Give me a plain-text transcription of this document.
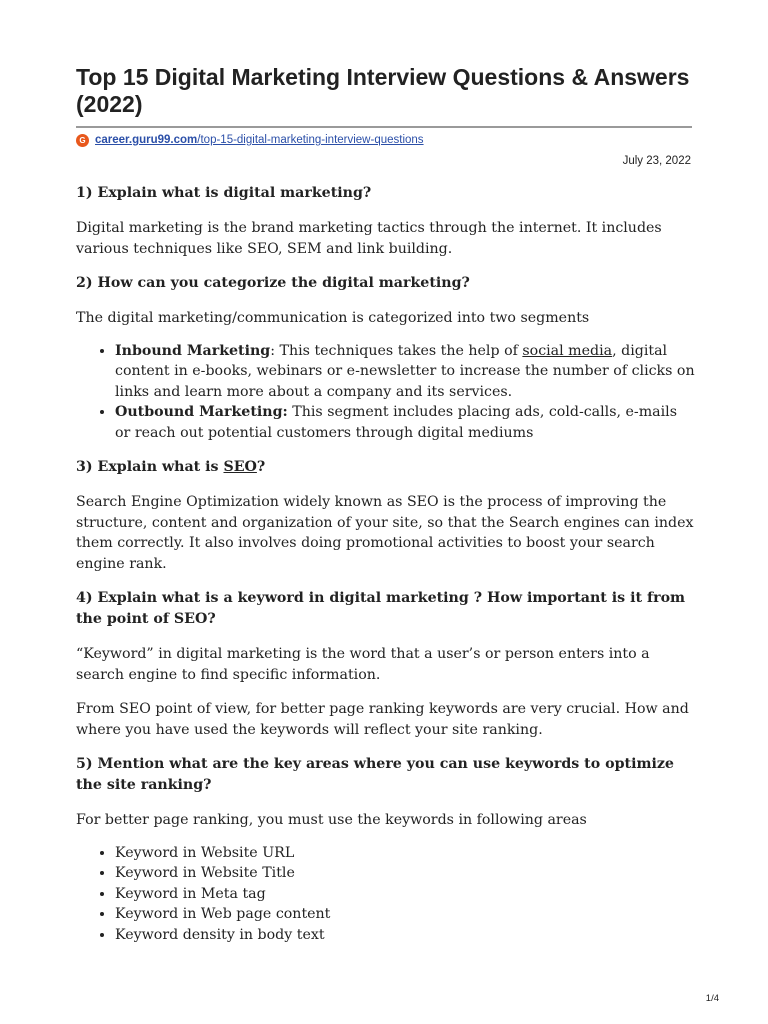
Top 15 Digital Marketing Interview Questions & Answers (2022)
G career.guru99.com /top-15-digital-marketing-interview-questions
July 23, 2022
1) Explain what is digital marketing?

Digital marketing is the brand marketing tactics through the internet. It includes various techniques like SEO, SEM and link building.

2) How can you categorize the digital marketing?

The digital marketing/communication is categorized into two segments

• Inbound Marketing: This techniques takes the help of social media, digital content in e-books, webinars or e-newsletter to increase the number of clicks on links and learn more about a company and its services.
• Outbound Marketing: This segment includes placing ads, cold-calls, e-mails or reach out potential customers through digital mediums
3) Explain what is SEO?

Search Engine Optimization widely known as SEO is the process of improving the structure, content and organization of your site, so that the Search engines can index them correctly. It also involves doing promotional activities to boost your search engine rank.

4) Explain what is a keyword in digital marketing ? How important is it from the point of SEO?

“Keyword” in digital marketing is the word that a user’s or person enters into a search engine to find specific information.

From SEO point of view, for better page ranking keywords are very crucial. How and where you have used the keywords will reflect your site ranking.

5) Mention what are the key areas where you can use keywords to optimize the site ranking?

For better page ranking, you must use the keywords in following areas

• Keyword in Website URL
• Keyword in Website Title
• Keyword in Meta tag
• Keyword in Web page content
• Keyword density in body text
1/4
